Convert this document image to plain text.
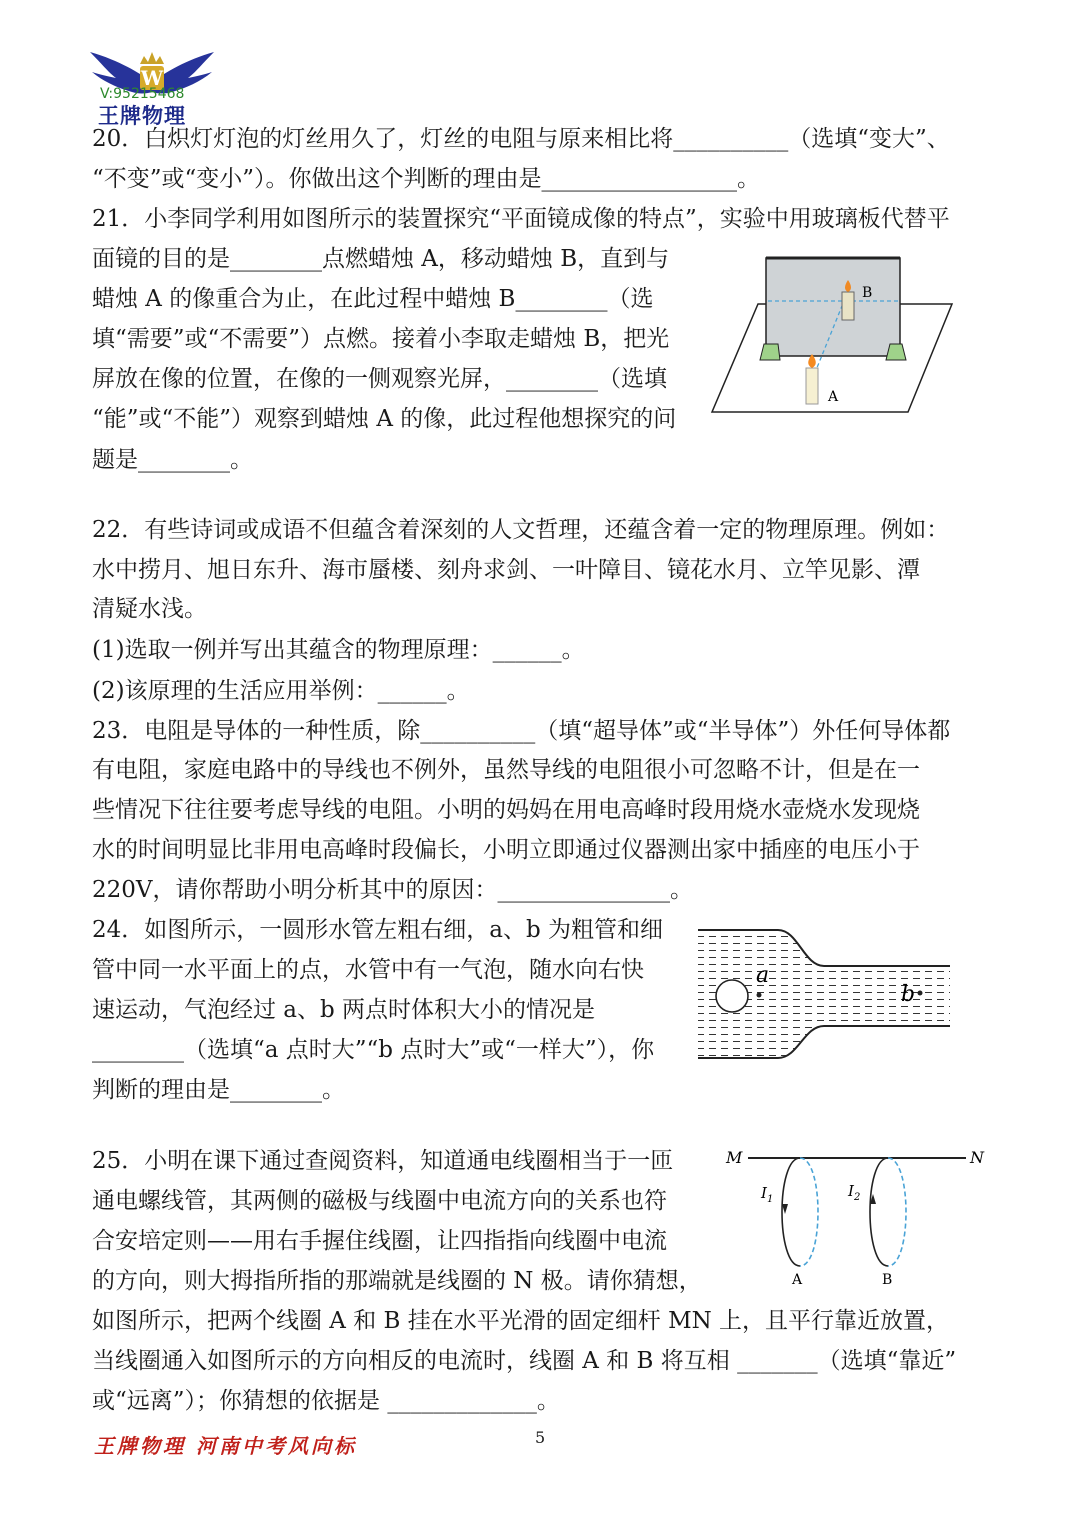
W
V:95215468
王牌物理
20．白炽灯灯泡的灯丝用久了，灯丝的电阻与原来相比将__________（选填“变大”、
“不变”或“变小”）。你做出这个判断的理由是_________________。
21．小李同学利用如图所示的装置探究“平面镜成像的特点”，实验中用玻璃板代替平
面镜的目的是________点燃蜡烛 A，移动蜡烛 B，直到与
蜡烛 A 的像重合为止，在此过程中蜡烛 B________（选
填“需要”或“不需要”）点燃。接着小李取走蜡烛 B，把光
屏放在像的位置，在像的一侧观察光屏，________（选填
“能”或“不能”）观察到蜡烛 A 的像，此过程他想探究的问
题是________。
22．有些诗词或成语不但蕴含着深刻的人文哲理，还蕴含着一定的物理原理。例如：
水中捞月、旭日东升、海市蜃楼、刻舟求剑、一叶障目、镜花水月、立竿见影、潭
清疑水浅。
(1)选取一例并写出其蕴含的物理原理：______。
(2)该原理的生活应用举例：______。
23．电阻是导体的一种性质，除__________（填“超导体”或“半导体”）外任何导体都
有电阻，家庭电路中的导线也不例外，虽然导线的电阻很小可忽略不计，但是在一
些情况下往往要考虑导线的电阻。小明的妈妈在用电高峰时段用烧水壶烧水发现烧
水的时间明显比非用电高峰时段偏长，小明立即通过仪器测出家中插座的电压小于
220V，请你帮助小明分析其中的原因：_______________。
24．如图所示，一圆形水管左粗右细，a、b 为粗管和细
管中同一水平面上的点，水管中有一气泡，随水向右快
速运动，气泡经过 a、b 两点时体积大小的情况是
________（选填“a 点时大”“b 点时大”或“一样大”），你
判断的理由是________。
25．小明在课下通过查阅资料，知道通电线圈相当于一匝
通电螺线管，其两侧的磁极与线圈中电流方向的关系也符
合安培定则——用右手握住线圈，让四指指向线圈中电流
的方向，则大拇指所指的那端就是线圈的 N 极。请你猜想，
如图所示，把两个线圈 A 和 B 挂在水平光滑的固定细杆 MN 上，且平行靠近放置，
当线圈通入如图所示的方向相反的电流时，线圈 A 和 B 将互相 _______（选填“靠近”
或“远离”）；你猜想的依据是 _____________。
B
A
a
b
M	N
$I_1$	$I_2$
A	B
王牌物理 河南中考风向标	5
